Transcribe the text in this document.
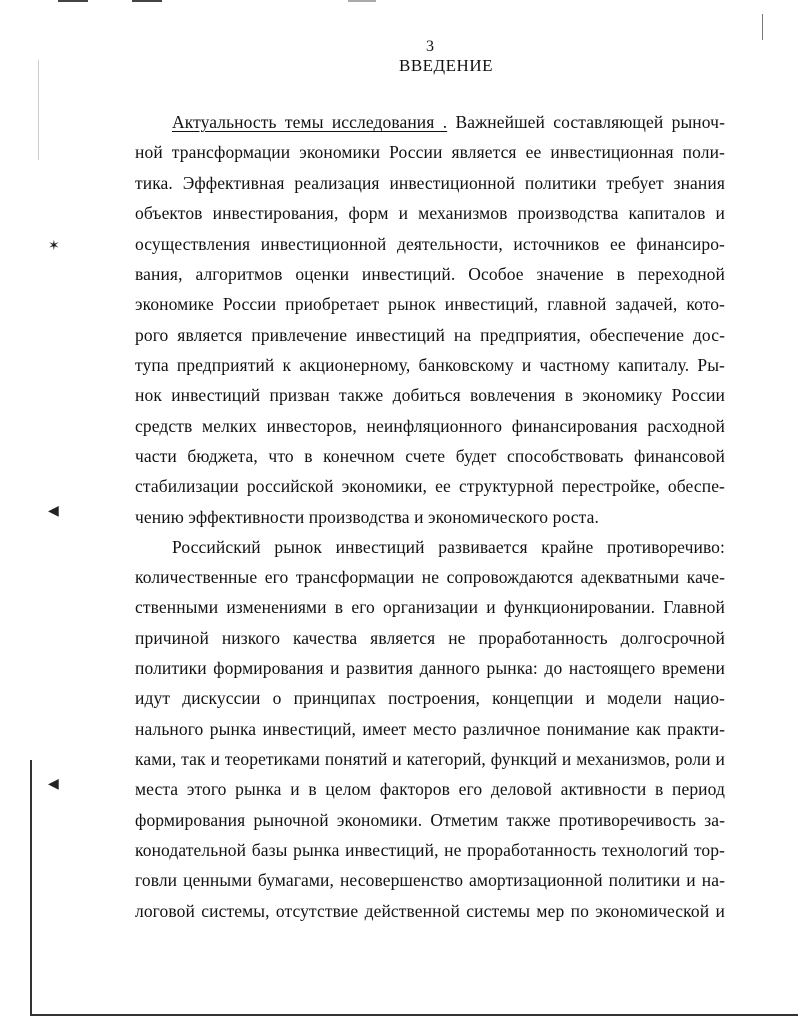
3
ВВЕДЕНИЕ
✶
◀
◀
Актуальность темы исследования . Важнейшей составляющей рыноч-
ной трансформации экономики России является ее инвестиционная поли-
тика. Эффективная реализация инвестиционной политики требует знания
объектов инвестирования, форм и механизмов производства капиталов и
осуществления инвестиционной деятельности, источников ее финансиро-
вания, алгоритмов оценки инвестиций. Особое значение в переходной
экономике России приобретает рынок инвестиций, главной задачей, кото-
рого является привлечение инвестиций на предприятия, обеспечение дос-
тупа предприятий к акционерному, банковскому и частному капиталу. Ры-
нок инвестиций призван также добиться вовлечения в экономику России
средств мелких инвесторов, неинфляционного финансирования расходной
части бюджета, что в конечном счете будет способствовать финансовой
стабилизации российской экономики, ее структурной перестройке, обеспе-
чению эффективности производства и экономического роста.
Российский рынок инвестиций развивается крайне противоречиво:
количественные его трансформации не сопровождаются адекватными каче-
ственными изменениями в его организации и функционировании. Главной
причиной низкого качества является не проработанность долгосрочной
политики формирования и развития данного рынка: до настоящего времени
идут дискуссии о принципах построения, концепции и модели нацио-
нального рынка инвестиций, имеет место различное понимание как практи-
ками, так и теоретиками понятий и категорий, функций и механизмов, роли и
места этого рынка и в целом факторов его деловой активности в период
формирования рыночной экономики. Отметим также противоречивость за-
конодательной базы рынка инвестиций, не проработанность технологий тор-
говли ценными бумагами, несовершенство амортизационной политики и на-
логовой системы, отсутствие действенной системы мер по экономической и
